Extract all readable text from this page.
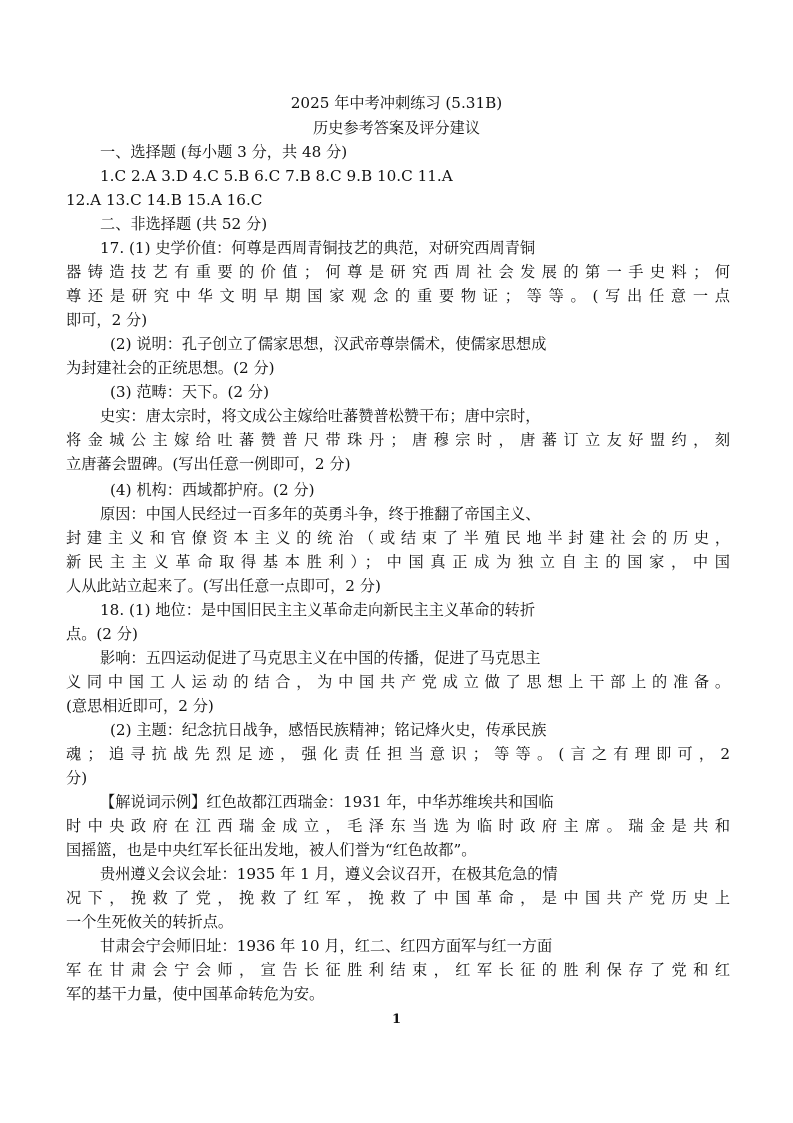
2025 年中考冲刺练习 (5.31B)
历史参考答案及评分建议
一、选择题 (每小题 3 分，共 48 分)
1.C 2.A 3.D 4.C 5.B 6.C 7.B 8.C 9.B 10.C 11.A
12.A 13.C 14.B 15.A 16.C
二、非选择题 (共 52 分)
17. (1) 史学价值：何尊是西周青铜技艺的典范，对研究西周青铜
器铸造技艺有重要的价值；何尊是研究西周社会发展的第一手史料；何
尊还是研究中华文明早期国家观念的重要物证；等等。(写出任意一点
即可，2 分)
(2) 说明：孔子创立了儒家思想，汉武帝尊崇儒术，使儒家思想成
为封建社会的正统思想。(2 分)
(3) 范畴：天下。(2 分)
史实：唐太宗时，将文成公主嫁给吐蕃赞普松赞干布；唐中宗时，
将金城公主嫁给吐蕃赞普尺带珠丹；唐穆宗时，唐蕃订立友好盟约，刻
立唐蕃会盟碑。(写出任意一例即可，2 分)
(4) 机构：西域都护府。(2 分)
原因：中国人民经过一百多年的英勇斗争，终于推翻了帝国主义、
封建主义和官僚资本主义的统治（或结束了半殖民地半封建社会的历史，
新民主主义革命取得基本胜利）；中国真正成为独立自主的国家，中国
人从此站立起来了。(写出任意一点即可，2 分)
18. (1) 地位：是中国旧民主主义革命走向新民主主义革命的转折
点。(2 分)
影响：五四运动促进了马克思主义在中国的传播，促进了马克思主
义同中国工人运动的结合，为中国共产党成立做了思想上干部上的准备。
(意思相近即可，2 分)
(2) 主题：纪念抗日战争，感悟民族精神；铭记烽火史，传承民族
魂；追寻抗战先烈足迹，强化责任担当意识；等等。(言之有理即可，2
分)
【解说词示例】红色故都江西瑞金：1931 年，中华苏维埃共和国临
时中央政府在江西瑞金成立，毛泽东当选为临时政府主席。瑞金是共和
国摇篮，也是中央红军长征出发地，被人们誉为“红色故都”。
贵州遵义会议会址：1935 年 1 月，遵义会议召开，在极其危急的情
况下，挽救了党，挽救了红军，挽救了中国革命，是中国共产党历史上
一个生死攸关的转折点。
甘肃会宁会师旧址：1936 年 10 月，红二、红四方面军与红一方面
军在甘肃会宁会师，宣告长征胜利结束，红军长征的胜利保存了党和红
军的基干力量，使中国革命转危为安。
1
